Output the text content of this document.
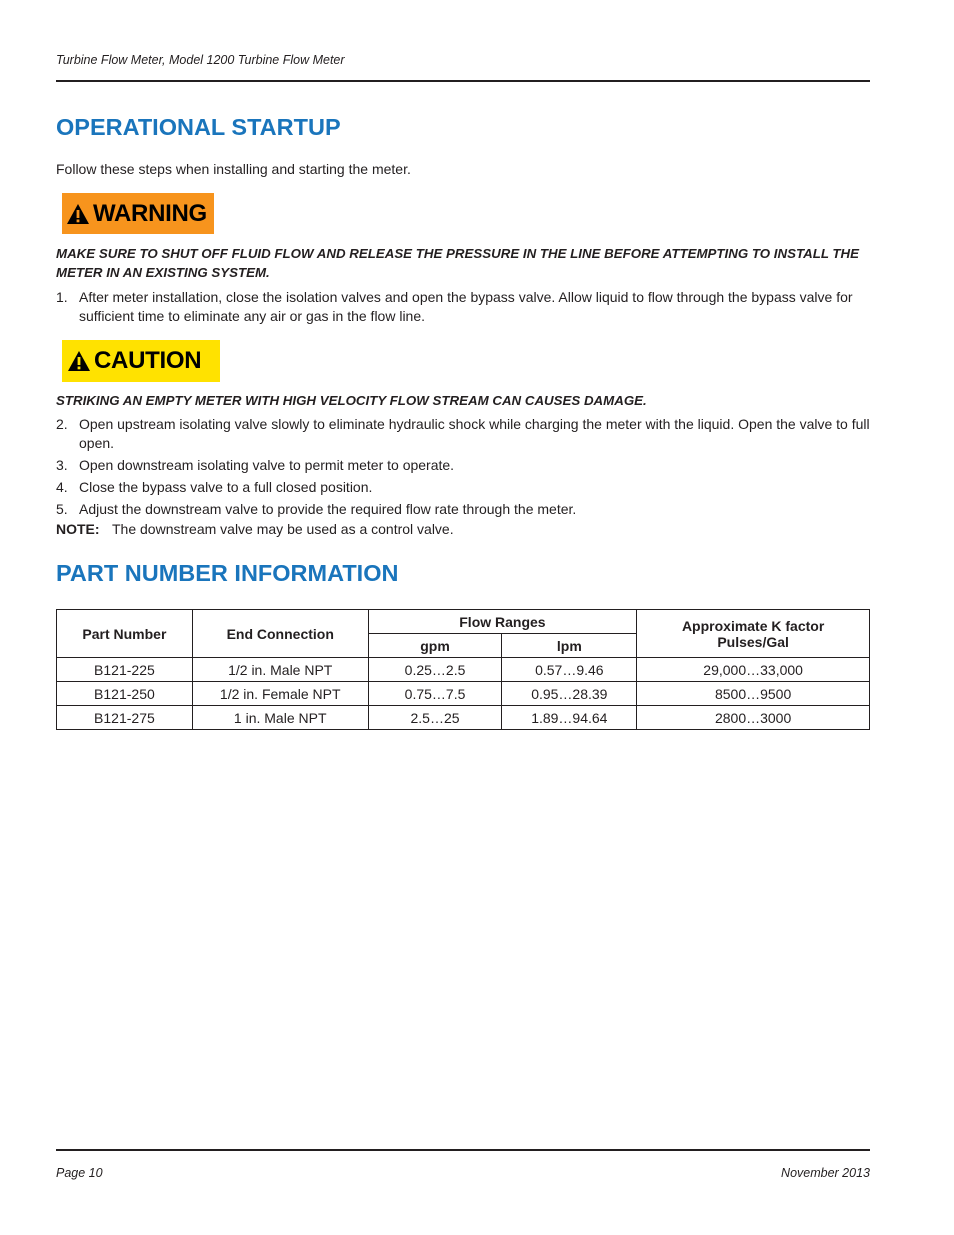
Turbine Flow Meter, Model 1200 Turbine Flow Meter
OPERATIONAL STARTUP
Follow these steps when installing and starting the meter.
WARNING
MAKE SURE TO SHUT OFF FLUID FLOW AND RELEASE THE PRESSURE IN THE LINE BEFORE ATTEMPTING TO INSTALL THE METER IN AN EXISTING SYSTEM.
1. After meter installation, close the isolation valves and open the bypass valve. Allow liquid to flow through the bypass valve for sufficient time to eliminate any air or gas in the flow line.
CAUTION
STRIKING AN EMPTY METER WITH HIGH VELOCITY FLOW STREAM CAN CAUSES DAMAGE.
2. Open upstream isolating valve slowly to eliminate hydraulic shock while charging the meter with the liquid. Open the valve to full open.
3. Open downstream isolating valve to permit meter to operate.
4. Close the bypass valve to a full closed position.
5. Adjust the downstream valve to provide the required flow rate through the meter.
NOTE: The downstream valve may be used as a control valve.
PART NUMBER INFORMATION
Part Number	End Connection	Flow Ranges		Approximate K factor
Pulses/Gal
		gpm	lpm	
B121-225	1/2 in. Male NPT	0.25…2.5	0.57…9.46	29,000…33,000
B121-250	1/2 in. Female NPT	0.75…7.5	0.95…28.39	8500…9500
B121-275	1 in. Male NPT	2.5…25	1.89…94.64	2800…3000
Page 10	November 2013
